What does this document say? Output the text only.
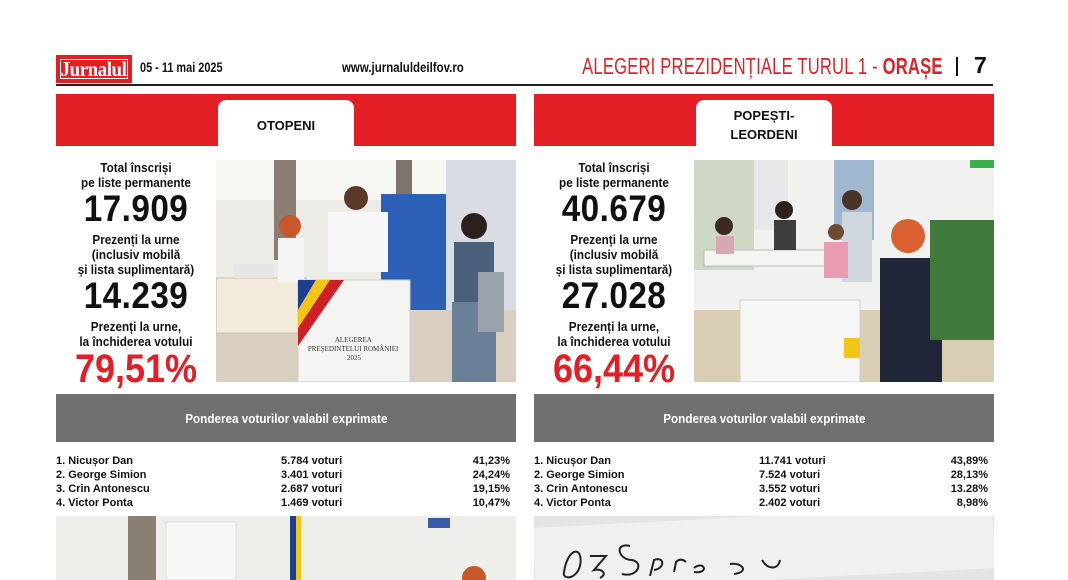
Jurnalul 05 - 11 mai 2025	www.jurnaluldeilfov.ro	ALEGERI PREZIDENȚIALE TURUL 1 - ORAȘE 7
OTOPENI
Total înscriși
pe liste permanente
17.909
Prezenți la urne
(inclusiv mobilă
și lista suplimentară)
14.239
Prezenți la urne,
la închiderea votului
79,51%
ALEGEREA PREȘEDINTELUI ROMÂNIEI 2025
Ponderea voturilor valabil exprimate
1. Nicușor Dan	5.784 voturi	41,23%
2. George Simion	3.401 voturi	24,24%
3. Crin Antonescu	2.687 voturi	19,15%
4. Victor Ponta	1.469 voturi	10,47%
POPEȘTI-
LEORDENI
Total înscriși
pe liste permanente
40.679
Prezenți la urne
(inclusiv mobilă
și lista suplimentară)
27.028
Prezenți la urne,
la închiderea votului
66,44%
Ponderea voturilor valabil exprimate
1. Nicușor Dan	11.741 voturi	43,89%
2. George Simion	7.524 voturi	28,13%
3. Crin Antonescu	3.552 voturi	13.28%
4. Victor Ponta	2.402 voturi	8,98%
